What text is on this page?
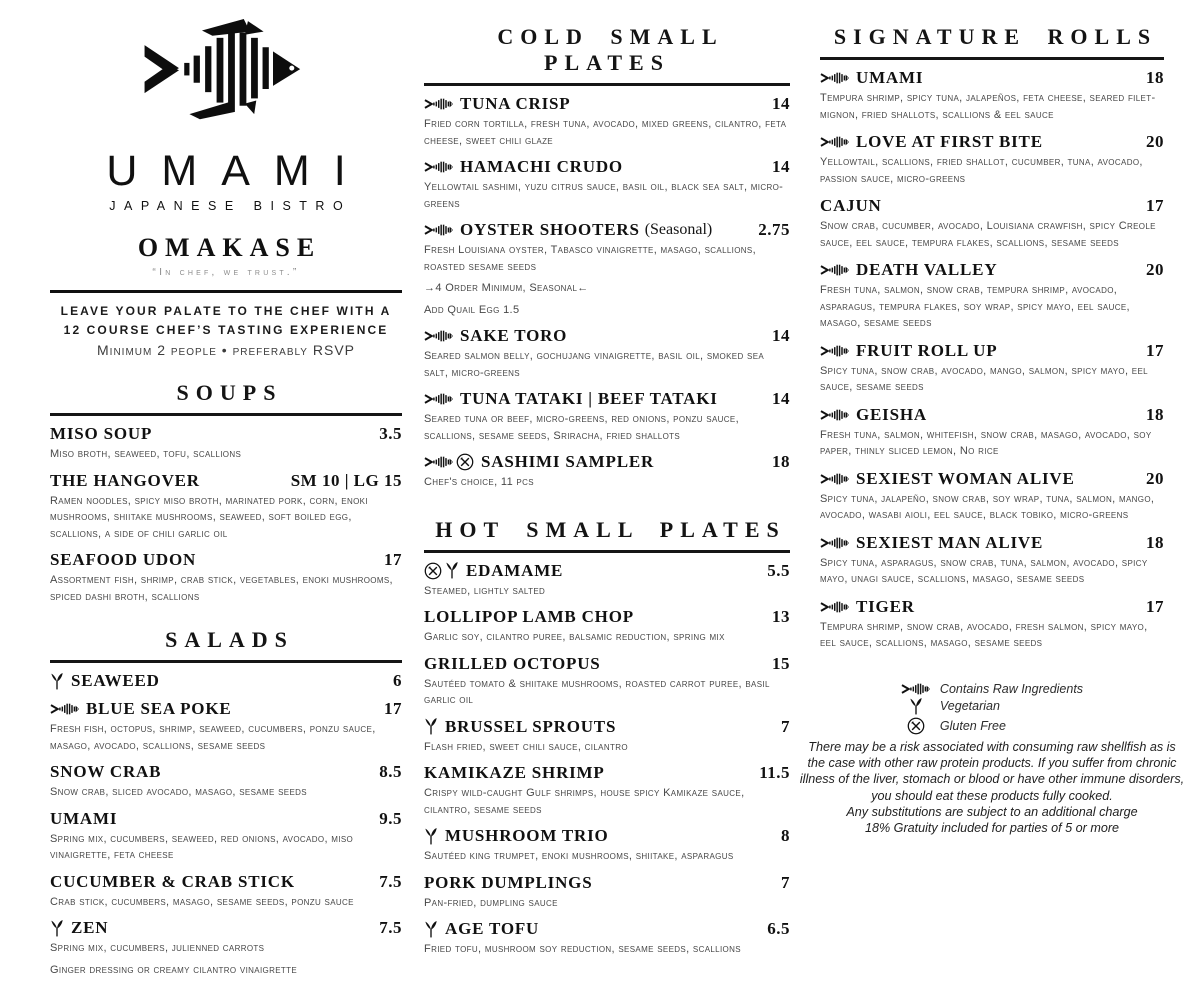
UMAMI
JAPANESE BISTRO
OMAKASE
“In chef, we trust.”
LEAVE YOUR PALATE TO THE CHEF WITH A
12 COURSE CHEF’S TASTING EXPERIENCE
Minimum 2 people • preferably RSVP
SOUPS
MISO SOUP	3.5
Miso broth, seaweed, tofu, scallions
THE HANGOVER	SM 10 | LG 15
Ramen noodles, spicy miso broth, marinated pork, corn, enoki mushrooms, shiitake mushrooms, seaweed, soft boiled egg, scallions, a side of chili garlic oil
SEAFOOD UDON	17
Assortment fish, shrimp, crab stick, vegetables, enoki mushrooms, spiced dashi broth, scallions
SALADS
SEAWEED	6
BLUE SEA POKE	17
Fresh fish, octopus, shrimp, seaweed, cucumbers, ponzu sauce, masago, avocado, scallions, sesame seeds
SNOW CRAB	8.5
Snow crab, sliced avocado, masago, sesame seeds
UMAMI	9.5
Spring mix, cucumbers, seaweed, red onions, avocado, miso vinaigrette, feta cheese
CUCUMBER & CRAB STICK	7.5
Crab stick, cucumbers, masago, sesame seeds, ponzu sauce
ZEN	7.5
Spring mix, cucumbers, julienned carrots
Ginger dressing or creamy cilantro vinaigrette
COLD SMALL PLATES
TUNA CRISP	14
Fried corn tortilla, fresh tuna, avocado, mixed greens, cilantro, feta cheese, sweet chili glaze
HAMACHI CRUDO	14
Yellowtail sashimi, yuzu citrus sauce, basil oil, black sea salt, micro-greens
OYSTER SHOOTERS (Seasonal)	2.75
Fresh Louisiana oyster, Tabasco vinaigrette, masago, scallions, roasted sesame seeds
→4 Order Minimum, Seasonal←
Add Quail Egg 1.5
SAKE TORO	14
Seared salmon belly, gochujang vinaigrette, basil oil, smoked sea salt, micro-greens
TUNA TATAKI | BEEF TATAKI	14
Seared tuna or beef, micro-greens, red onions, ponzu sauce, scallions, sesame seeds, Sriracha, fried shallots
SASHIMI SAMPLER	18
Chef's choice, 11 pcs
HOT SMALL PLATES
EDAMAME	5.5
Steamed, lightly salted
LOLLIPOP LAMB CHOP	13
Garlic soy, cilantro puree, balsamic reduction, spring mix
GRILLED OCTOPUS	15
Sautéed tomato & shiitake mushrooms, roasted carrot puree, basil garlic oil
BRUSSEL SPROUTS	7
Flash fried, sweet chili sauce, cilantro
KAMIKAZE SHRIMP	11.5
Crispy wild-caught Gulf shrimps, house spicy Kamikaze sauce, cilantro, sesame seeds
MUSHROOM TRIO	8
Sautéed king trumpet, enoki mushrooms, shiitake, asparagus
PORK DUMPLINGS	7
Pan-fried, dumpling sauce
AGE TOFU	6.5
Fried tofu, mushroom soy reduction, sesame seeds, scallions
SIGNATURE ROLLS
UMAMI	18
Tempura shrimp, spicy tuna, jalapeños, feta cheese, seared filet-mignon, fried shallots, scallions & eel sauce
LOVE AT FIRST BITE	20
Yellowtail, scallions, fried shallot, cucumber, tuna, avocado, passion sauce, micro-greens
CAJUN	17
Snow crab, cucumber, avocado, Louisiana crawfish, spicy Creole sauce, eel sauce, tempura flakes, scallions, sesame seeds
DEATH VALLEY	20
Fresh tuna, salmon, snow crab, tempura shrimp, avocado, asparagus, tempura flakes, soy wrap, spicy mayo, eel sauce, masago, sesame seeds
FRUIT ROLL UP	17
Spicy tuna, snow crab, avocado, mango, salmon, spicy mayo, eel sauce, sesame seeds
GEISHA	18
Fresh tuna, salmon, whitefish, snow crab, masago, avocado, soy paper, thinly sliced lemon, No rice
SEXIEST WOMAN ALIVE	20
Spicy tuna, jalapeño, snow crab, soy wrap, tuna, salmon, mango, avocado, wasabi aioli, eel sauce, black tobiko, micro-greens
SEXIEST MAN ALIVE	18
Spicy tuna, asparagus, snow crab, tuna, salmon, avocado, spicy mayo, unagi sauce, scallions, masago, sesame seeds
TIGER	17
Tempura shrimp, snow crab, avocado, fresh salmon, spicy mayo, eel sauce, scallions, masago, sesame seeds
Contains Raw Ingredients
Vegetarian
Gluten Free
There may be a risk associated with consuming raw shellfish as is the case with other raw protein products. If you suffer from chronic illness of the liver, stomach or blood or have other immune disorders, you should eat these products fully cooked.
Any substitutions are subject to an additional charge
18% Gratuity included for parties of 5 or more
